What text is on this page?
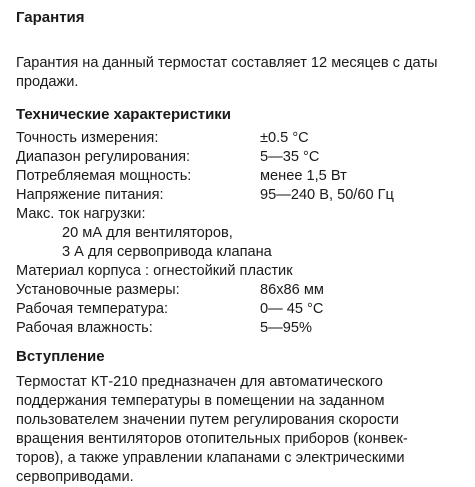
Гарантия
Гарантия на данный термостат составляет 12 месяцев с даты
продажи.
Технические характеристики
Точность измерения:	±0.5 °C
Диапазон регулирования:	5—35 °C
Потребляемая мощность:	менее 1,5 Вт
Напряжение питания:	95—240 В, 50/60 Гц
Макс. ток нагрузки:
20 мА для вентиляторов,
3 А для сервопривода клапана
Материал корпуса : огнестойкий пластик
Установочные размеры:	86x86 мм
Рабочая температура:	0— 45 °C
Рабочая влажность:	5—95%
Вступление
Термостат КТ-210 предназначен для автоматического
поддержания температуры в помещении на заданном
пользователем значении путем регулирования скорости
вращения вентиляторов отопительных приборов (конвек-
торов), а также управлении клапанами с электрическими
сервоприводами.
